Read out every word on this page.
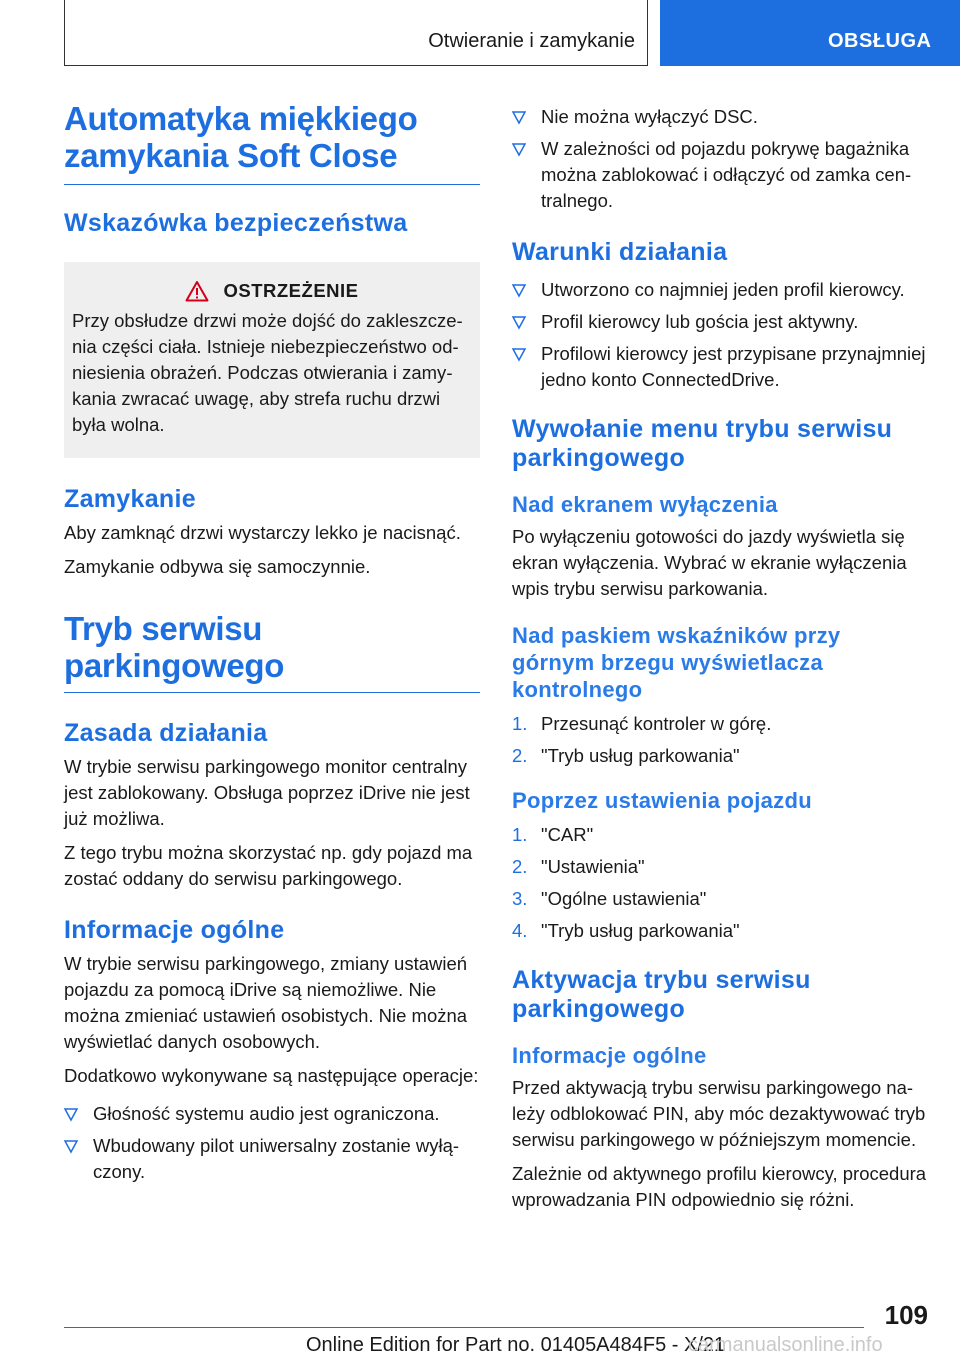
Otwieranie i zamykanie	OBSŁUGA
Automatyka miękkiego zamykania Soft Close
Wskazówka bezpieczeństwa
OSTRZEŻENIE
Przy obsłudze drzwi może dojść do zakleszczenia części ciała. Istnieje niebezpieczeństwo odniesienia obrażeń. Podczas otwierania i zamykania zwracać uwagę, aby strefa ruchu drzwi była wolna.
Zamykanie
Aby zamknąć drzwi wystarczy lekko je nacisnąć.
Zamykanie odbywa się samoczynnie.
Tryb serwisu parkingowego
Zasada działania
W trybie serwisu parkingowego monitor centralny jest zablokowany. Obsługa poprzez iDrive nie jest już możliwa.
Z tego trybu można skorzystać np. gdy pojazd ma zostać oddany do serwisu parkingowego.
Informacje ogólne
W trybie serwisu parkingowego, zmiany ustawień pojazdu za pomocą iDrive są niemożliwe. Nie można zmieniać ustawień osobistych. Nie można wyświetlać danych osobowych.
Dodatkowo wykonywane są następujące operacje:
Głośność systemu audio jest ograniczona.
Wbudowany pilot uniwersalny zostanie wyłączony.
Nie można wyłączyć DSC.
W zależności od pojazdu pokrywę bagażnika można zablokować i odłączyć od zamka centralnego.
Warunki działania
Utworzono co najmniej jeden profil kierowcy.
Profil kierowcy lub gościa jest aktywny.
Profilowi kierowcy jest przypisane przynajmniej jedno konto ConnectedDrive.
Wywołanie menu trybu serwisu parkingowego
Nad ekranem wyłączenia
Po wyłączeniu gotowości do jazdy wyświetla się ekran wyłączenia. Wybrać w ekranie wyłączenia wpis trybu serwisu parkowania.
Nad paskiem wskaźników przy górnym brzegu wyświetlacza kontrolnego
1. Przesunąć kontroler w górę.
2. "Tryb usług parkowania"
Poprzez ustawienia pojazdu
1. "CAR"
2. "Ustawienia"
3. "Ogólne ustawienia"
4. "Tryb usług parkowania"
Aktywacja trybu serwisu parkingowego
Informacje ogólne
Przed aktywacją trybu serwisu parkingowego należy odblokować PIN, aby móc dezaktywować tryb serwisu parkingowego w późniejszym momencie.
Zależnie od aktywnego profilu kierowcy, procedura wprowadzania PIN odpowiednio się różni.
109
Online Edition for Part no. 01405A484F5 - X/21
carmanualsonline.info
